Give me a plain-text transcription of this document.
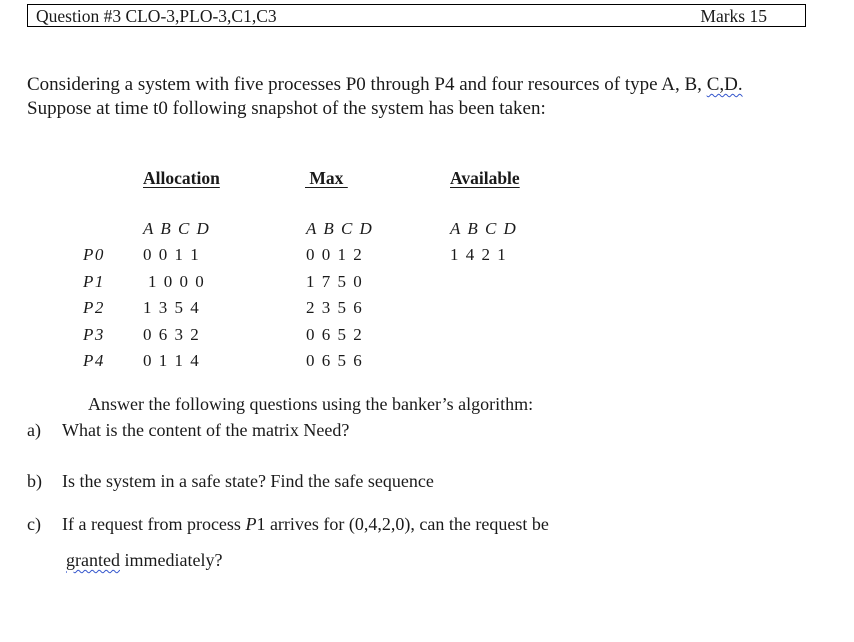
Question #3 CLO-3,PLO-3,C1,C3	Marks 15
Considering a system with five processes P0 through P4 and four resources of type A, B, C,D.
Suppose at time t0 following snapshot of the system has been taken:
Allocation	Max	Available
A B C D	A B C D	A B C D
P0 0 0 1 1	0 0 1 2	1 4 2 1
P1	1 0 0 0	1 7 5 0
P2 1 3 5 4	2 3 5 6
P3 0 6 3 2	0 6 5 2
P4 0 1 1 4	0 6 5 6
Answer the following questions using the banker’s algorithm:
a) What is the content of the matrix Need?
b) Is the system in a safe state? Find the safe sequence
c) If a request from process P1 arrives for (0,4,2,0), can the request be
granted immediately?
